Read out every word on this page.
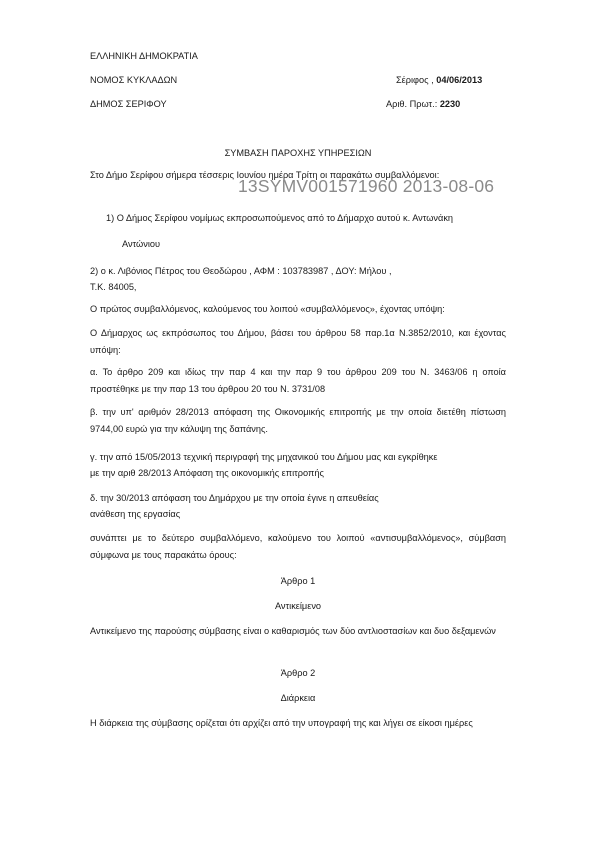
ΕΛΛΗΝΙΚΗ ΔΗΜΟΚΡΑΤΙΑ
ΝΟΜΟΣ ΚΥΚΛΑΔΩΝ
ΔΗΜΟΣ ΣΕΡΙΦΟΥ
Σέριφος , 04/06/2013
Αριθ. Πρωτ.: 2230
ΣΥΜΒΑΣΗ ΠΑΡΟΧΗΣ ΥΠΗΡΕΣΙΩΝ
Στο Δήμο Σερίφου σήμερα τέσσερις Ιουνίου ημέρα Τρίτη οι παρακάτω συμβαλλόμενοι:
13SYMV001571960 2013-08-06
1) Ο Δήμος Σερίφου νομίμως εκπροσωπούμενος από το Δήμαρχο αυτού κ. Αντωνάκη
Αντώνιου
2) ο κ. Λιβόνιος Πέτρος του Θεοδώρου , ΑΦΜ : 103783987 , ΔΟΥ: Μήλου ,
Τ.Κ. 84005,
Ο πρώτος συμβαλλόμενος, καλούμενος του λοιπού «συμβαλλόμενος», έχοντας υπόψη:
Ο Δήμαρχος ως εκπρόσωπος του Δήμου, βάσει του άρθρου 58 παρ.1α Ν.3852/2010, και έχοντας υπόψη:
α. Το άρθρο 209 και ιδίως την παρ 4 και την παρ 9 του άρθρου 209 του Ν. 3463/06 η οποία προστέθηκε με την παρ 13 του άρθρου 20 του Ν. 3731/08
β. την υπ' αριθμόν 28/2013 απόφαση της Οικονομικής επιτροπής με την οποία διετέθη πίστωση 9744,00 ευρώ για την κάλυψη της δαπάνης.
γ. την από 15/05/2013 τεχνική περιγραφή της μηχανικού του Δήμου μας και εγκρίθηκε
με την αριθ 28/2013 Απόφαση της οικονομικής επιτροπής
δ. την 30/2013 απόφαση του Δημάρχου με την οποία έγινε η απευθείας
ανάθεση της εργασίας
συνάπτει με το δεύτερο συμβαλλόμενο, καλούμενο του λοιπού «αντισυμβαλλόμενος», σύμβαση σύμφωνα με τους παρακάτω όρους:
Άρθρο 1
Αντικείμενο
Αντικείμενο της παρούσης σύμβασης είναι ο καθαρισμός των δύο αντλιοστασίων και δυο δεξαμενών
Άρθρο 2
Διάρκεια
Η διάρκεια της σύμβασης ορίζεται ότι αρχίζει από την υπογραφή της και λήγει σε είκοσι ημέρες
